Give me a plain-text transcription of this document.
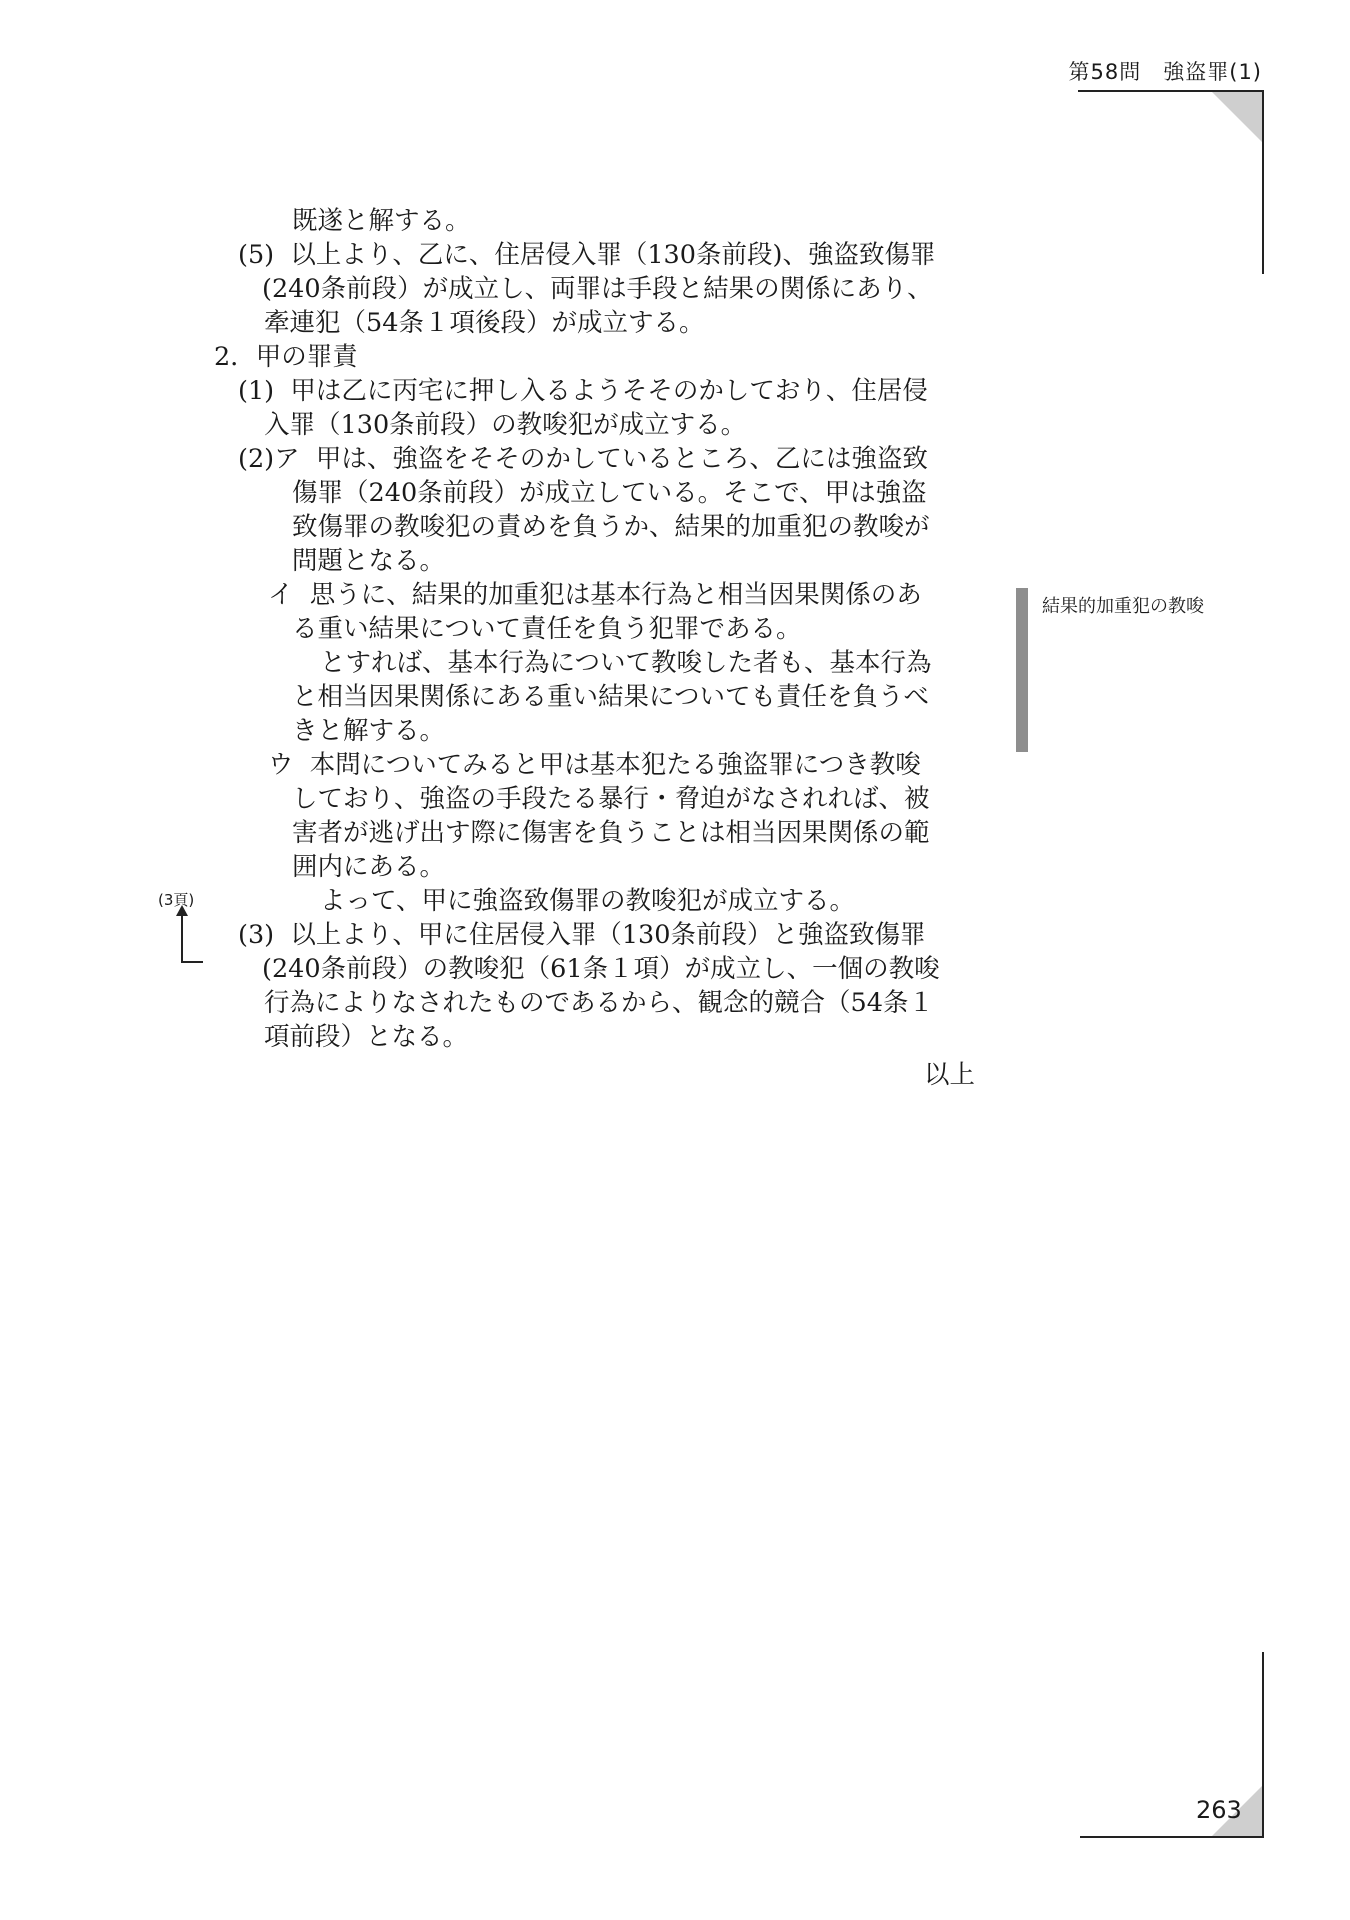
第58問　強盗罪(1)
既遂と解する。
(5)  以上より、乙に、住居侵入罪（130条前段)、強盗致傷罪
(240条前段）が成立し、両罪は手段と結果の関係にあり、
牽連犯（54条１項後段）が成立する。
2．甲の罪責
(1)  甲は乙に丙宅に押し入るようそそのかしており、住居侵
入罪（130条前段）の教唆犯が成立する。
(2)ア  甲は、強盗をそそのかしているところ、乙には強盗致
傷罪（240条前段）が成立している。そこで、甲は強盗
致傷罪の教唆犯の責めを負うか、結果的加重犯の教唆が
問題となる。
イ  思うに、結果的加重犯は基本行為と相当因果関係のあ
る重い結果について責任を負う犯罪である。
とすれば、基本行為について教唆した者も、基本行為
と相当因果関係にある重い結果についても責任を負うべ
きと解する。
ウ  本問についてみると甲は基本犯たる強盗罪につき教唆
しており、強盗の手段たる暴行・脅迫がなされれば、被
害者が逃げ出す際に傷害を負うことは相当因果関係の範
囲内にある。
よって、甲に強盗致傷罪の教唆犯が成立する。
(3)  以上より、甲に住居侵入罪（130条前段）と強盗致傷罪
(240条前段）の教唆犯（61条１項）が成立し、一個の教唆
行為によりなされたものであるから、観念的競合（54条１
項前段）となる。
以上
結果的加重犯の教唆
(3頁)
263
